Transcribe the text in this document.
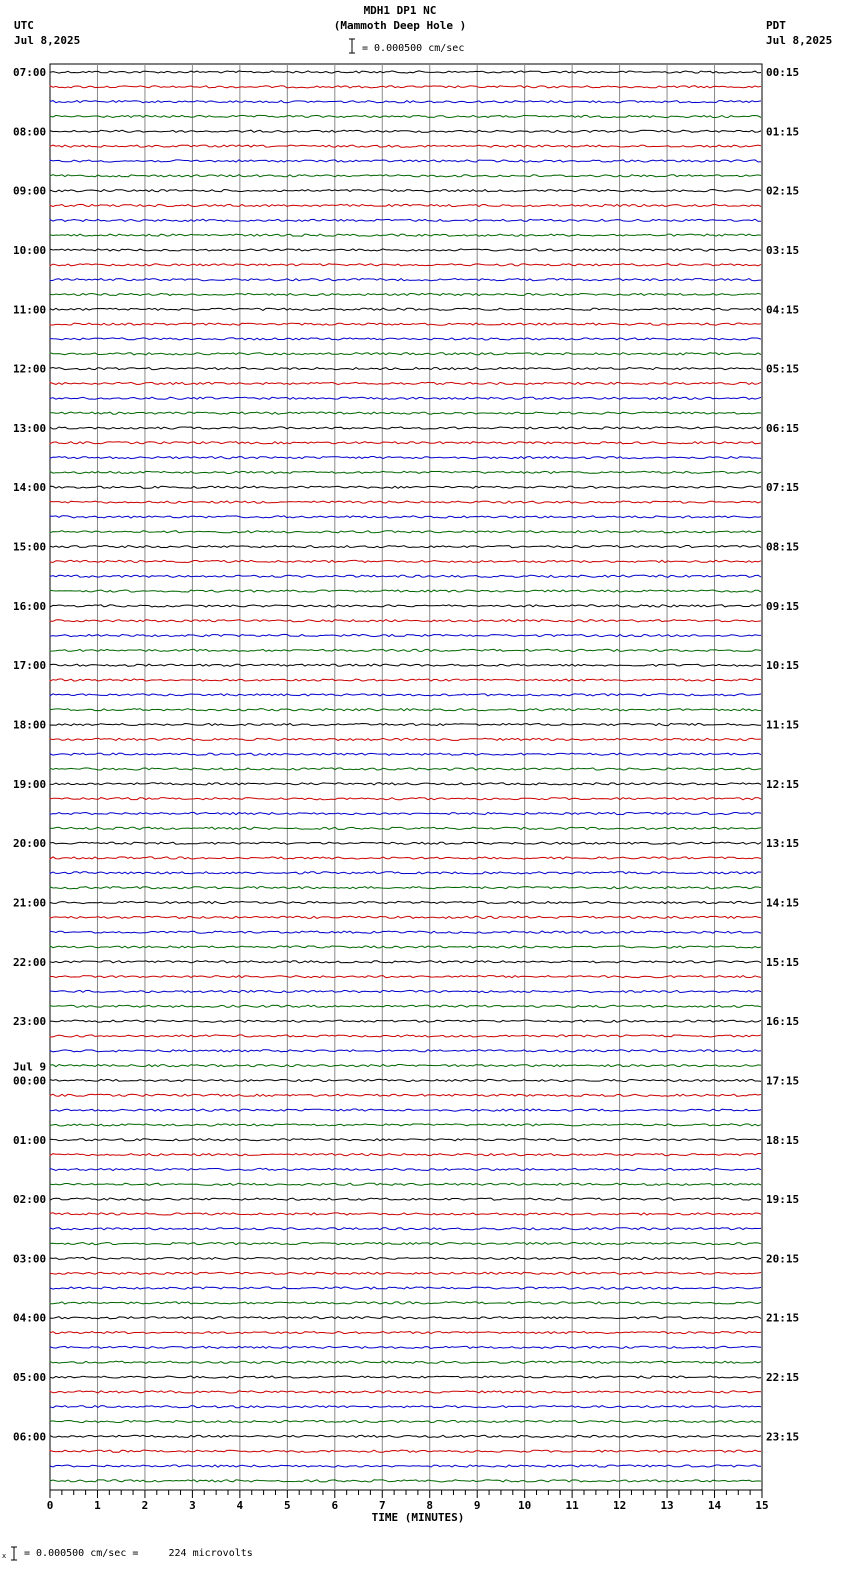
UTC
Jul 8,2025
MDH1 DP1 NC
(Mammoth Deep Hole )
= 0.000500 cm/sec
PDT
Jul 8,2025
0	1	2	3	4	5	6	7	8	9	10	11	12	13	14	15
TIME (MINUTES)
07:00
08:00
09:00
10:00
11:00
12:00
13:00
14:00
15:00
16:00
17:00
18:00
19:00
20:00
21:00
22:00
23:00
00:00
01:00
02:00
03:00
04:00
05:00
06:00
00:15
01:15
02:15
03:15
04:15
05:15
06:15
07:15
08:15
09:15
10:15
11:15
12:15
13:15
14:15
15:15
16:15
17:15
18:15
19:15
20:15
21:15
22:15
23:15
Jul 9
x = 0.000500 cm/sec =     224 microvolts
